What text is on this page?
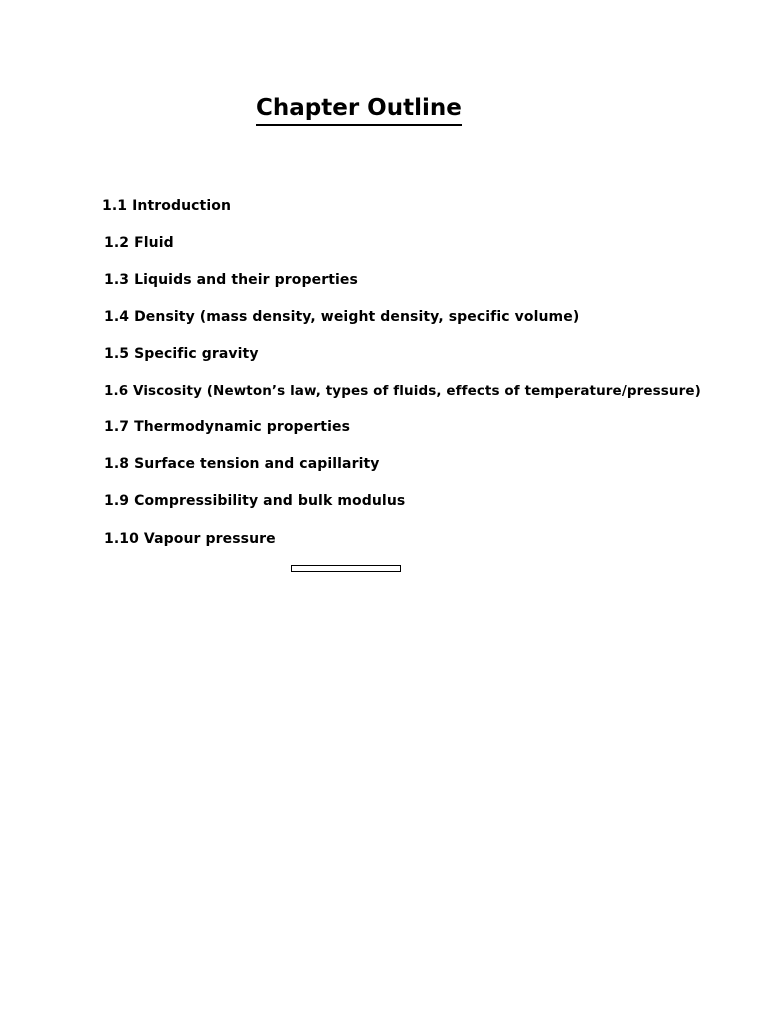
Chapter Outline
1.1 Introduction
1.2 Fluid
1.3 Liquids and their properties
1.4 Density (mass density, weight density, specific volume)
1.5 Specific gravity
1.6 Viscosity (Newton’s law, types of fluids, effects of temperature/pressure)
1.7 Thermodynamic properties
1.8 Surface tension and capillarity
1.9 Compressibility and bulk modulus
1.10 Vapour pressure
